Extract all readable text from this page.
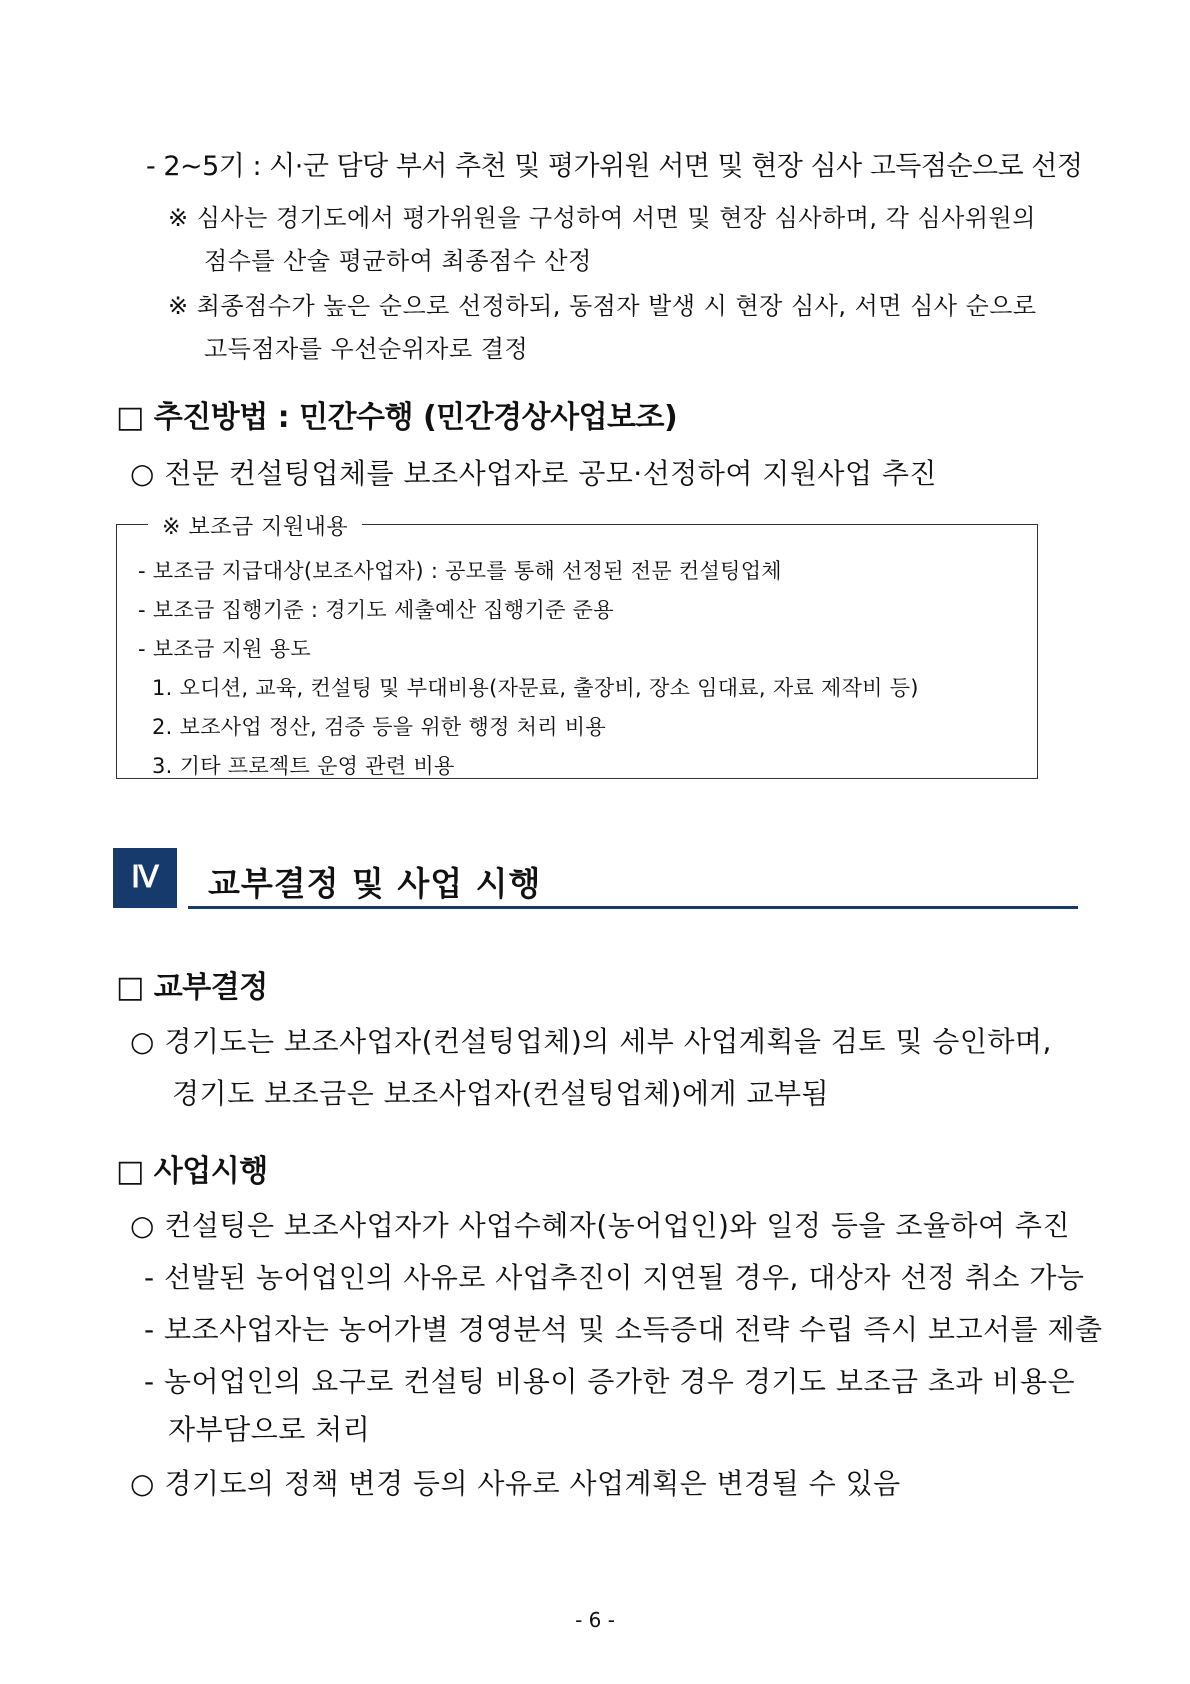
- 2~5기 : 시·군 담당 부서 추천 및 평가위원 서면 및 현장 심사 고득점순으로 선정
※ 심사는 경기도에서 평가위원을 구성하여 서면 및 현장 심사하며, 각 심사위원의
점수를 산술 평균하여 최종점수 산정
※ 최종점수가 높은 순으로 선정하되, 동점자 발생 시 현장 심사, 서면 심사 순으로
고득점자를 우선순위자로 결정
□ 추진방법 : 민간수행 (민간경상사업보조)
○ 전문 컨설팅업체를 보조사업자로 공모·선정하여 지원사업 추진
※ 보조금 지원내용
- 보조금 지급대상(보조사업자) : 공모를 통해 선정된 전문 컨설팅업체
- 보조금 집행기준 : 경기도 세출예산 집행기준 준용
- 보조금 지원 용도
1. 오디션, 교육, 컨설팅 및 부대비용(자문료, 출장비, 장소 임대료, 자료 제작비 등)
2. 보조사업 정산, 검증 등을 위한 행정 처리 비용
3. 기타 프로젝트 운영 관련 비용
Ⅳ	교부결정 및 사업 시행
□ 교부결정
○ 경기도는 보조사업자(컨설팅업체)의 세부 사업계획을 검토 및 승인하며,
경기도 보조금은 보조사업자(컨설팅업체)에게 교부됨
□ 사업시행
○ 컨설팅은 보조사업자가 사업수혜자(농어업인)와 일정 등을 조율하여 추진
- 선발된 농어업인의 사유로 사업추진이 지연될 경우, 대상자 선정 취소 가능
- 보조사업자는 농어가별 경영분석 및 소득증대 전략 수립 즉시 보고서를 제출
- 농어업인의 요구로 컨설팅 비용이 증가한 경우 경기도 보조금 초과 비용은
자부담으로 처리
○ 경기도의 정책 변경 등의 사유로 사업계획은 변경될 수 있음
- 6 -
